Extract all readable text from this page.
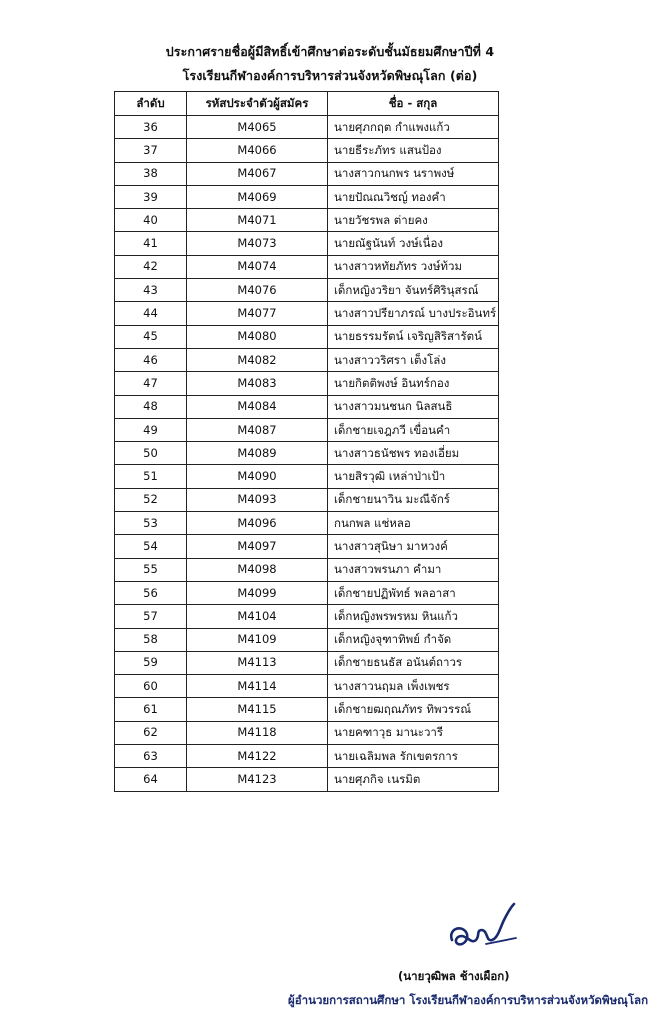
ประกาศรายชื่อผู้มีสิทธิ์เข้าศึกษาต่อระดับชั้นมัธยมศึกษาปีที่ 4
โรงเรียนกีฬาองค์การบริหารส่วนจังหวัดพิษณุโลก (ต่อ)
ลำดับ	รหัสประจำตัวผู้สมัคร	ชื่อ - สกุล
36	M4065	นายศุภกฤต กำแพงแก้ว
37	M4066	นายธีระภัทร แสนป้อง
38	M4067	นางสาวกนกพร นราพงษ์
39	M4069	นายปัณณวิชญ์ ทองคำ
40	M4071	นายวัชรพล ต่ายคง
41	M4073	นายณัฐนันท์ วงษ์เนื่อง
42	M4074	นางสาวหทัยภัทร วงษ์ท้วม
43	M4076	เด็กหญิงวริยา จันทร์ศิรินุสรณ์
44	M4077	นางสาวปรียาภรณ์ บางประอินทร์
45	M4080	นายธรรมรัตน์ เจริญสิริสารัตน์
46	M4082	นางสาววริศรา เต็งโล่ง
47	M4083	นายกิตติพงษ์ อินทร์กอง
48	M4084	นางสาวมนชนก นิลสนธิ
49	M4087	เด็กชายเจฎภวี เขื่อนคำ
50	M4089	นางสาวธนัชพร ทองเอี่ยม
51	M4090	นายสิรวุฒิ เหล่าป่าเป้า
52	M4093	เด็กชายนาวิน มะณีจักร์
53	M4096	กนกพล แช่หลอ
54	M4097	นางสาวสุนิษา มาหวงค์
55	M4098	นางสาวพรนภา คำมา
56	M4099	เด็กชายปฏิพัทธ์ พลอาสา
57	M4104	เด็กหญิงพรพรหม หินแก้ว
58	M4109	เด็กหญิงจุฑาทิพย์ กำจัด
59	M4113	เด็กชายธนธัส อนันต์ถาวร
60	M4114	นางสาวนฤมล เพ็งเพชร
61	M4115	เด็กชายฒฤณภัทร ทิพวรรณ์
62	M4118	นายคฑาวุธ มานะวารี
63	M4122	นายเฉลิมพล รักเขตรการ
64	M4123	นายศุภกิจ เนรมิต
(นายวุฒิพล ช้างเผือก)
ผู้อำนวยการสถานศึกษา โรงเรียนกีฬาองค์การบริหารส่วนจังหวัดพิษณุโลก
